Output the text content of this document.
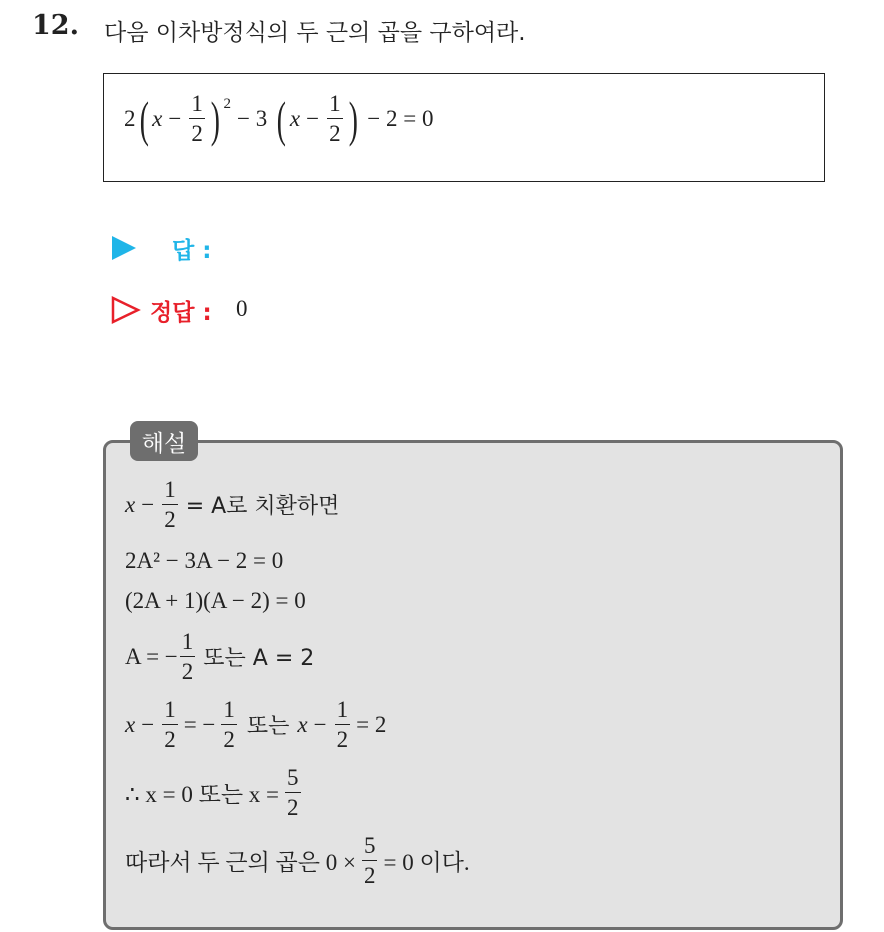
12. 다음 이차방정식의 두 근의 곱을 구하여라.
2 ( $x - \frac{1}{2}$ ) 2
− 3 ( $x - \frac{1}{2}$ ) − 2 = 0
답 :
정답 : 0
해설
$x - \frac{1}{2} = A$로 치환하면
2A² − 3A − 2 = 0
(2A + 1)(A − 2) = 0
A = − $\frac{1}{2}$ 또는 A = 2
$x - \frac{1}{2}$ = − $\frac{1}{2}$ 또는 $x - \frac{1}{2} = 2$
∴ x = 0 또는 $x = \frac{5}{2}$
따라서 두 근의 곱은 $0 \times \frac{5}{2} = 0$ 이다.
